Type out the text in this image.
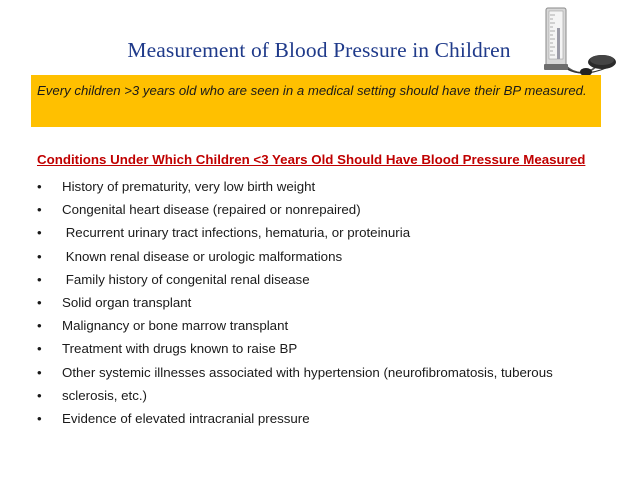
Measurement of Blood Pressure in Children
Every children >3 years old who are seen in a medical setting should have their BP measured.
Conditions Under Which Children <3 Years Old Should Have Blood Pressure Measured
•	History of prematurity, very low birth weight
•	Congenital heart disease (repaired or nonrepaired)
•	Recurrent urinary tract infections, hematuria, or proteinuria
•	Known renal disease or urologic malformations
•	Family history of congenital renal disease
•	Solid organ transplant
•	Malignancy or bone marrow transplant
•	Treatment with drugs known to raise BP
•	Other systemic illnesses associated with hypertension (neurofibromatosis, tuberous
•	sclerosis, etc.)
•	Evidence of elevated intracranial pressure
